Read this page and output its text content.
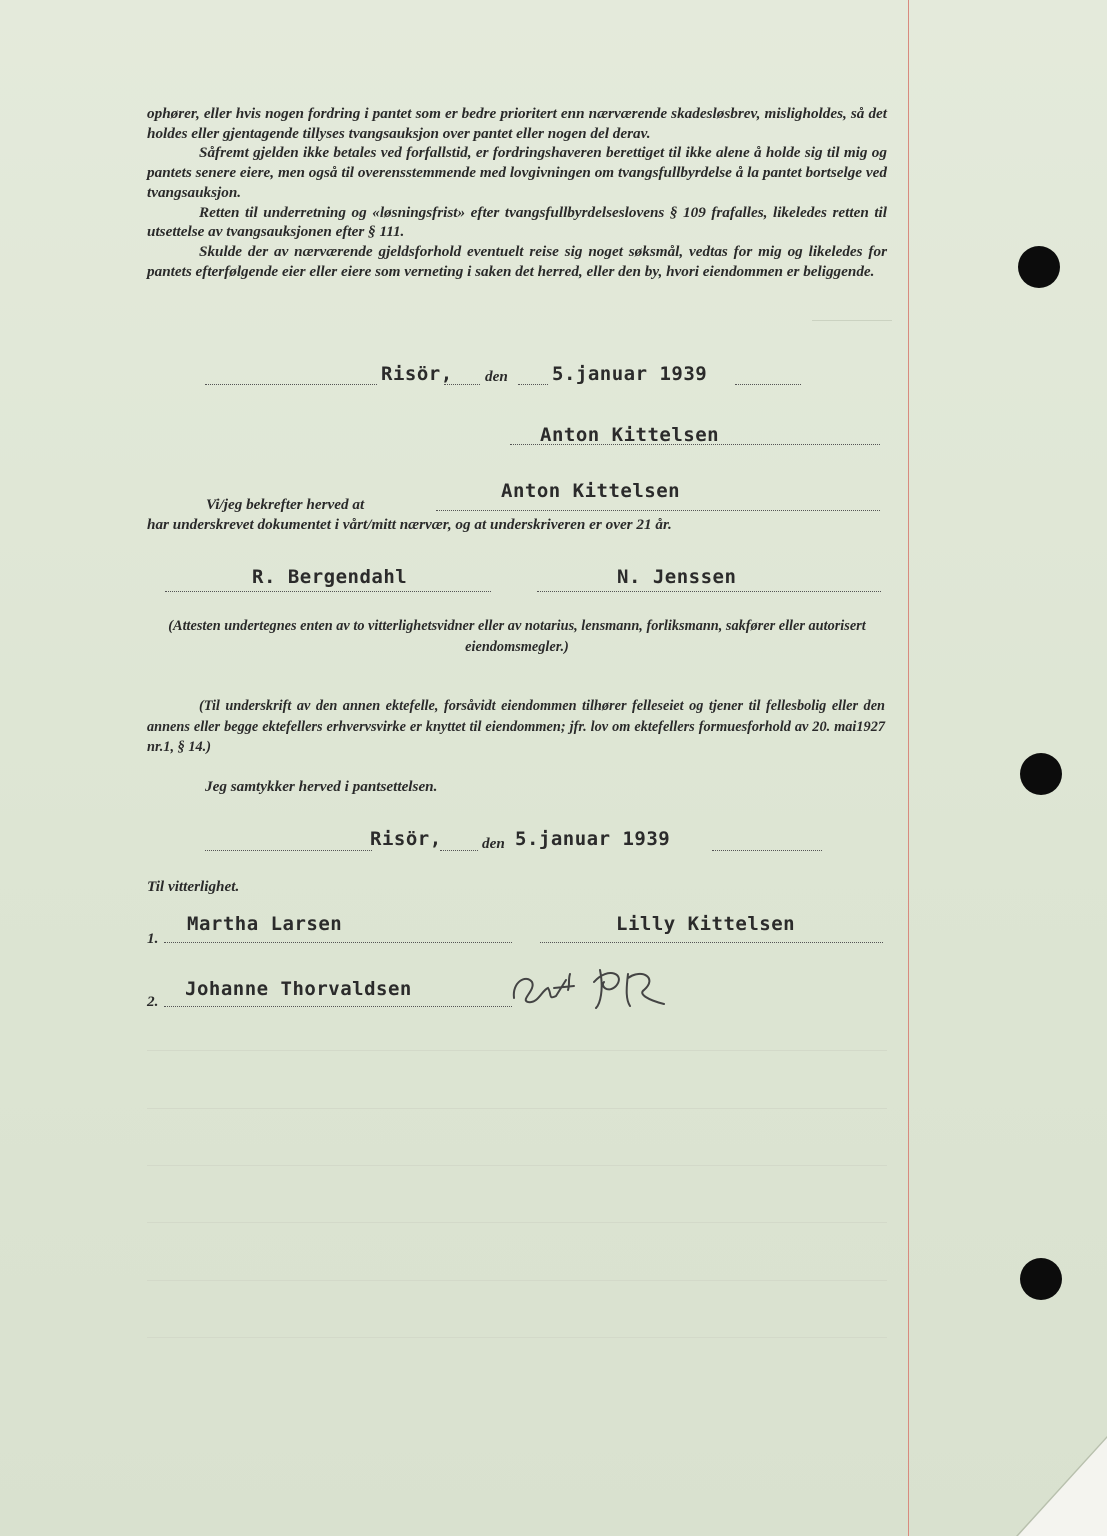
ophører, eller hvis nogen fordring i pantet som er bedre prioritert enn nærværende skadesløsbrev, misligholdes, så det holdes eller gjentagende tillyses tvangsauksjon over pantet eller nogen del derav.

Såfremt gjelden ikke betales ved forfallstid, er fordringshaveren berettiget til ikke alene å holde sig til mig og pantets senere eiere, men også til overensstemmende med lovgivningen om tvangsfullbyrdelse å la pantet bortselge ved tvangsauksjon.

Retten til underretning og «løsningsfrist» efter tvangsfullbyrdelseslovens § 109 frafalles, likeledes retten til utsettelse av tvangsauksjonen efter § 111.

Skulde der av nærværende gjeldsforhold eventuelt reise sig noget søksmål, vedtas for mig og likeledes for pantets efterfølgende eier eller eiere som verneting i saken det herred, eller den by, hvori eiendommen er beliggende.

Risör, den 5.januar 1939
Anton Kittelsen
Vi/jeg bekrefter herved at
Anton Kittelsen
har underskrevet dokumentet i vårt/mitt nærvær, og at underskriveren er over 21 år.
R. Bergendahl	N. Jenssen
(Attesten undertegnes enten av to vitterlighetsvidner eller av notarius, lensmann, forliksmann, sakfører eller autorisert eiendomsmegler.)

(Til underskrift av den annen ektefelle, forsåvidt eiendommen tilhører felleseiet og tjener til fellesbolig eller den annens eller begge ektefellers erhvervsvirke er knyttet til eiendommen; jfr. lov om ektefellers formuesforhold av 20. mai1927 nr.1, § 14.)

Jeg samtykker herved i pantsettelsen.
Risör,	den 5.januar 1939
Til vitterlighet.
1.
Martha Larsen	Lilly Kittelsen
2.
Johanne Thorvaldsen
